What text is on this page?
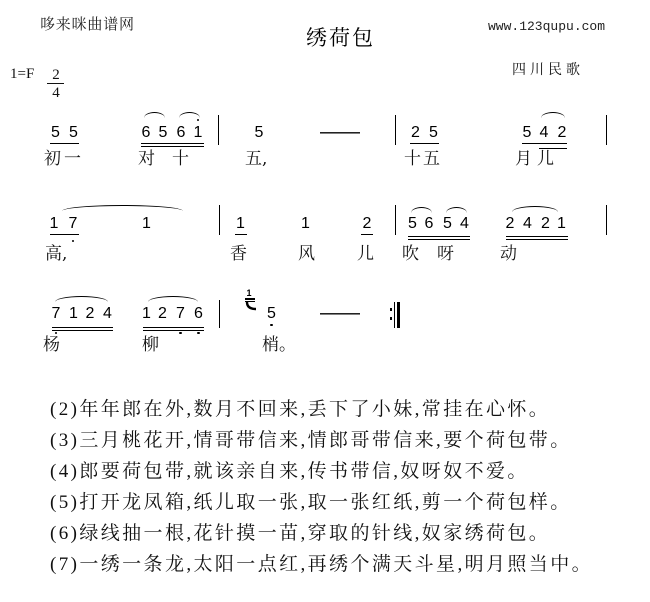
哆来咪曲谱网	www.123qupu.com
绣荷包
1=F 2
4
四川民歌
5 5	6 5 6 1	5	——	2 5	5 4 2
初 一	对 十	五,	十 五	月 儿
1 7	1	1	1	2 5 6 5 4 2 4 2 1
高,	香	风 儿 吹 呀	动
7 1 2 4 1 2 7 6
1
5 ——
杨	柳	梢。
(2)年年郎在外,数月不回来,丢下了小妹,常挂在心怀。
(3)三月桃花开,情哥带信来,情郎哥带信来,要个荷包带。
(4)郎要荷包带,就该亲自来,传书带信,奴呀奴不爱。
(5)打开龙凤箱,纸儿取一张,取一张红纸,剪一个荷包样。
(6)绿线抽一根,花针摸一苗,穿取的针线,奴家绣荷包。
(7)一绣一条龙,太阳一点红,再绣个满天斗星,明月照当中。
